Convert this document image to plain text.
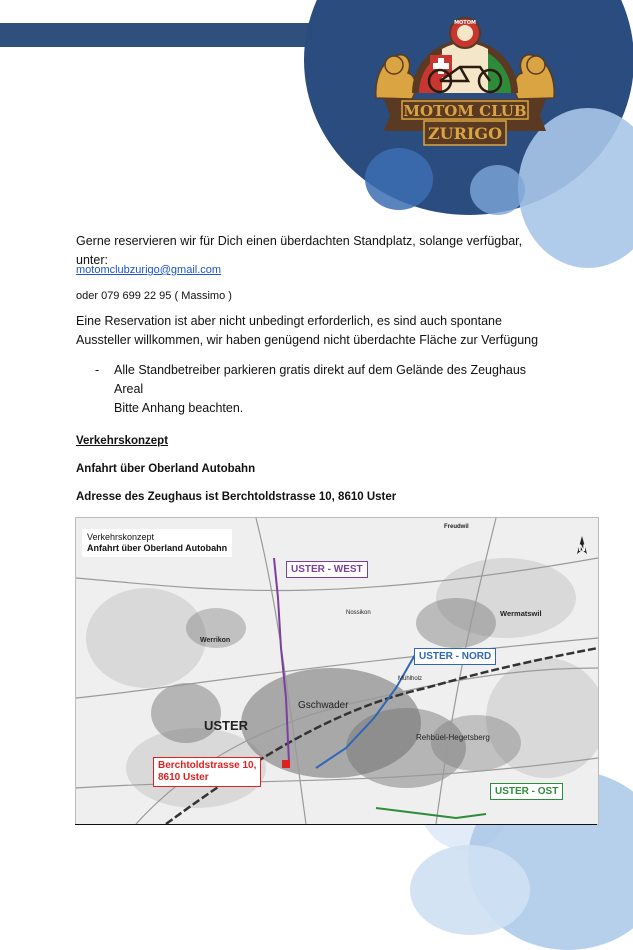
MOTOM
MOTOM CLUB
ZURIGO
Gerne reservieren wir für Dich einen überdachten Standplatz, solange verfügbar, unter:
motomclubzurigo@gmail.com
oder 079 699 22 95 ( Massimo )
Eine Reservation ist aber nicht unbedingt erforderlich, es sind auch spontane Aussteller willkommen, wir haben genügend nicht überdachte Fläche zur Verfügung
- Alle Standbetreiber parkieren gratis direkt auf dem Gelände des Zeughaus Areal
Bitte Anhang beachten.
Verkehrskonzept
Anfahrt über Oberland Autobahn
Adresse des Zeughaus ist Berchtoldstrasse 10, 8610 Uster
N
USTER
Gschwader
Wermatswil
Rehbüel-Hegetsberg
Werrikon
Nossikon
Freudwil
Mühlholz
Verkehrskonzept
Anfahrt über Oberland Autobahn
USTER - WEST
USTER - NORD
USTER - OST
Berchtoldstrasse 10,
8610 Uster
